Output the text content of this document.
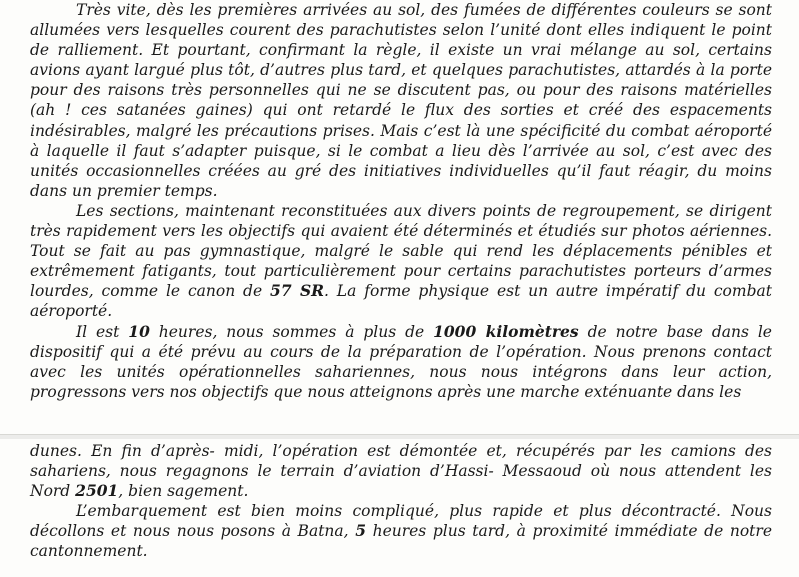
Très vite, dès les premières arrivées au sol, des fumées de différentes couleurs se sont allumées vers lesquelles courent des parachutistes selon l’unité dont elles indiquent le point de ralliement. Et pourtant, confirmant la règle, il existe un vrai mélange au sol, certains avions ayant largué plus tôt, d’autres plus tard, et quelques parachutistes, attardés à la porte pour des raisons très personnelles qui ne se discutent pas, ou pour des raisons matérielles (ah ! ces satanées gaines) qui ont retardé le flux des sorties et créé des espacements indésirables, malgré les précautions prises. Mais c’est là une spécificité du combat aéroporté à laquelle il faut s’adapter puisque, si le combat a lieu dès l’arrivée au sol, c’est avec des unités occasionnelles créées au gré des initiatives individuelles qu’il faut réagir, du moins dans un premier temps.

Les sections, maintenant reconstituées aux divers points de regroupement, se dirigent très rapidement vers les objectifs qui avaient été déterminés et étudiés sur photos aériennes. Tout se fait au pas gymnastique, malgré le sable qui rend les déplacements pénibles et extrêmement fatigants, tout particulièrement pour certains parachutistes porteurs d’armes lourdes, comme le canon de 57 SR. La forme physique est un autre impératif du combat aéroporté.

Il est 10 heures, nous sommes à plus de 1000 kilomètres de notre base dans le dispositif qui a été prévu au cours de la préparation de l’opération. Nous prenons contact avec les unités opérationnelles sahariennes, nous nous intégrons dans leur action, progressons vers nos objectifs que nous atteignons après une marche exténuante dans les

dunes. En fin d’après- midi, l’opération est démontée et, récupérés par les camions des sahariens, nous regagnons le terrain d’aviation d’Hassi- Messaoud où nous attendent les Nord 2501, bien sagement.

L’embarquement est bien moins compliqué, plus rapide et plus décontracté. Nous décollons et nous nous posons à Batna, 5 heures plus tard, à proximité immédiate de notre cantonnement.
